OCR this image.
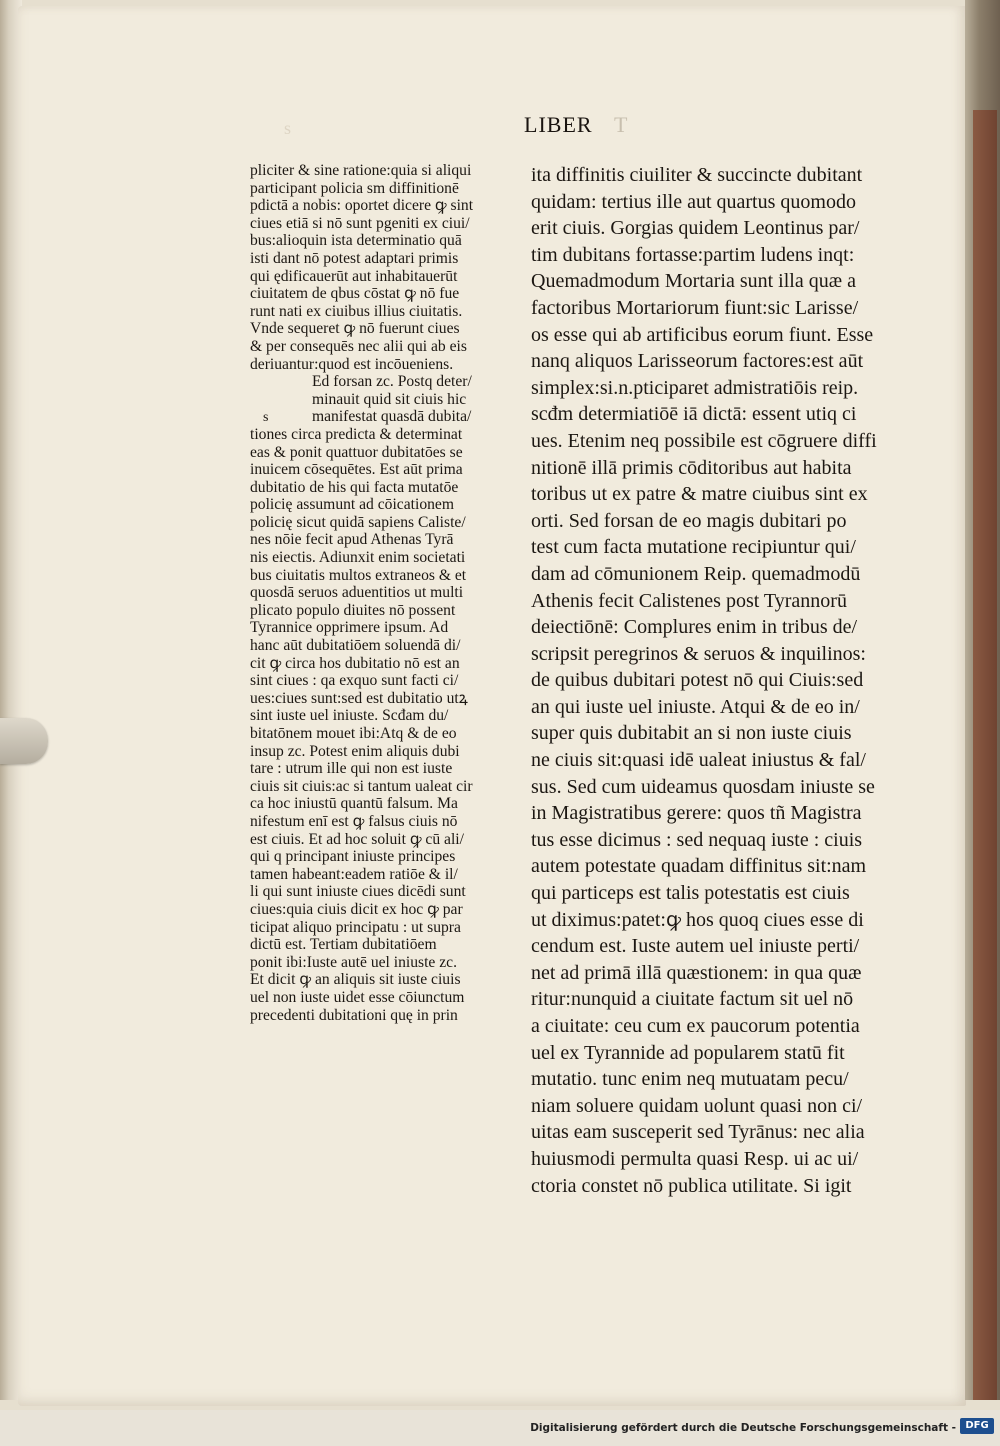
s	LIBER T
s
pliciter & sine ratione:quia si aliqui
participant policia sm diffinitionē
pdictā a nobis: oportet dicere ꝙ sint
ciues etiā si nō sunt pgeniti ex ciui/
bus:alioquin ista determinatio quā
isti dant nō potest adaptari primis
qui ędificauerūt aut inhabitauerūt
ciuitatem de qbus cōstat ꝙ nō fue
runt nati ex ciuibus illius ciuitatis.
Vnde sequeret ꝙ nō fuerunt ciues
& per consequēs nec alii qui ab eis
deriuantur:quod est incōueniens.
Ed forsan zc. Postq deter/
minauit quid sit ciuis hic
manifestat quasdā dubita/
tiones circa predicta & determinat
eas & ponit quattuor dubitatōes se
inuicem cōsequētes. Est aūt prima
dubitatio de his qui facta mutatōe
policię assumunt ad cōicationem
policię sicut quidā sapiens Caliste/
nes nōie fecit apud Athenas Tyrā
nis eiectis. Adiunxit enim societati
bus ciuitatis multos extraneos & et
quosdā seruos aduentitios ut multi
plicato populo diuites nō possent
Tyrannice opprimere ipsum. Ad
hanc aūt dubitatiōem soluendā di/
cit ꝙ circa hos dubitatio nō est an
sint ciues : qa exquo sunt facti ci/
ues:ciues sunt:sed est dubitatio utꝝ
sint iuste uel iniuste. Scđam du/
bitatōnem mouet ibi:Atq & de eo
insup zc. Potest enim aliquis dubi
tare : utrum ille qui non est iuste
ciuis sit ciuis:ac si tantum ualeat cir
ca hoc iniustū quantū falsum. Ma
nifestum enī est ꝙ falsus ciuis nō
est ciuis. Et ad hoc soluit ꝙ cū ali/
qui q principant iniuste principes
tamen habeant:eadem ratiōe & il/
li qui sunt iniuste ciues dicēdi sunt
ciues:quia ciuis dicit ex hoc ꝙ par
ticipat aliquo principatu : ut supra
dictū est. Tertiam dubitatiōem
ponit ibi:Iuste autē uel iniuste zc.
Et dicit ꝙ an aliquis sit iuste ciuis
uel non iuste uidet esse cōiunctum
precedenti dubitationi quę in prin
ita diffinitis ciuiliter & succincte dubitant
quidam: tertius ille aut quartus quomodo
erit ciuis. Gorgias quidem Leontinus par/
tim dubitans fortasse:partim ludens inqt:
Quemadmodum Mortaria sunt illa quæ a
factoribus Mortariorum fiunt:sic Larisse/
os esse qui ab artificibus eorum fiunt. Esse
nanq aliquos Larisseorum factores:est aūt
simplex:si.n.pticiparet admistratiōis reip.
scđm determiatiōē iā dictā: essent utiq ci
ues. Etenim neq possibile est cōgruere diffi
nitionē illā primis cōditoribus aut habita
toribus ut ex patre & matre ciuibus sint ex
orti. Sed forsan de eo magis dubitari po
test cum facta mutatione recipiuntur qui/
dam ad cōmunionem Reip. quemadmodū
Athenis fecit Calistenes post Tyrannorū
deiectiōnē: Complures enim in tribus de/
scripsit peregrinos & seruos & inquilinos:
de quibus dubitari potest nō qui Ciuis:sed
an qui iuste uel iniuste. Atqui & de eo in/
super quis dubitabit an si non iuste ciuis
ne ciuis sit:quasi idē ualeat iniustus & fal/
sus. Sed cum uideamus quosdam iniuste se
in Magistratibus gerere: quos tñ Magistra
tus esse dicimus : sed nequaq iuste : ciuis
autem potestate quadam diffinitus sit:nam
qui particeps est talis potestatis est ciuis
ut diximus:patet:ꝙ hos quoq ciues esse di
cendum est. Iuste autem uel iniuste perti/
net ad primā illā quæstionem: in qua quæ
ritur:nunquid a ciuitate factum sit uel nō
a ciuitate: ceu cum ex paucorum potentia
uel ex Tyrannide ad popularem statū fit
mutatio. tunc enim neq mutuatam pecu/
niam soluere quidam uolunt quasi non ci/
uitas eam susceperit sed Tyrānus: nec alia
huiusmodi permulta quasi Resp. ui ac ui/
ctoria constet nō publica utilitate. Si igit
Digitalisierung gefördert durch die Deutsche Forschungsgemeinschaft - DFG
